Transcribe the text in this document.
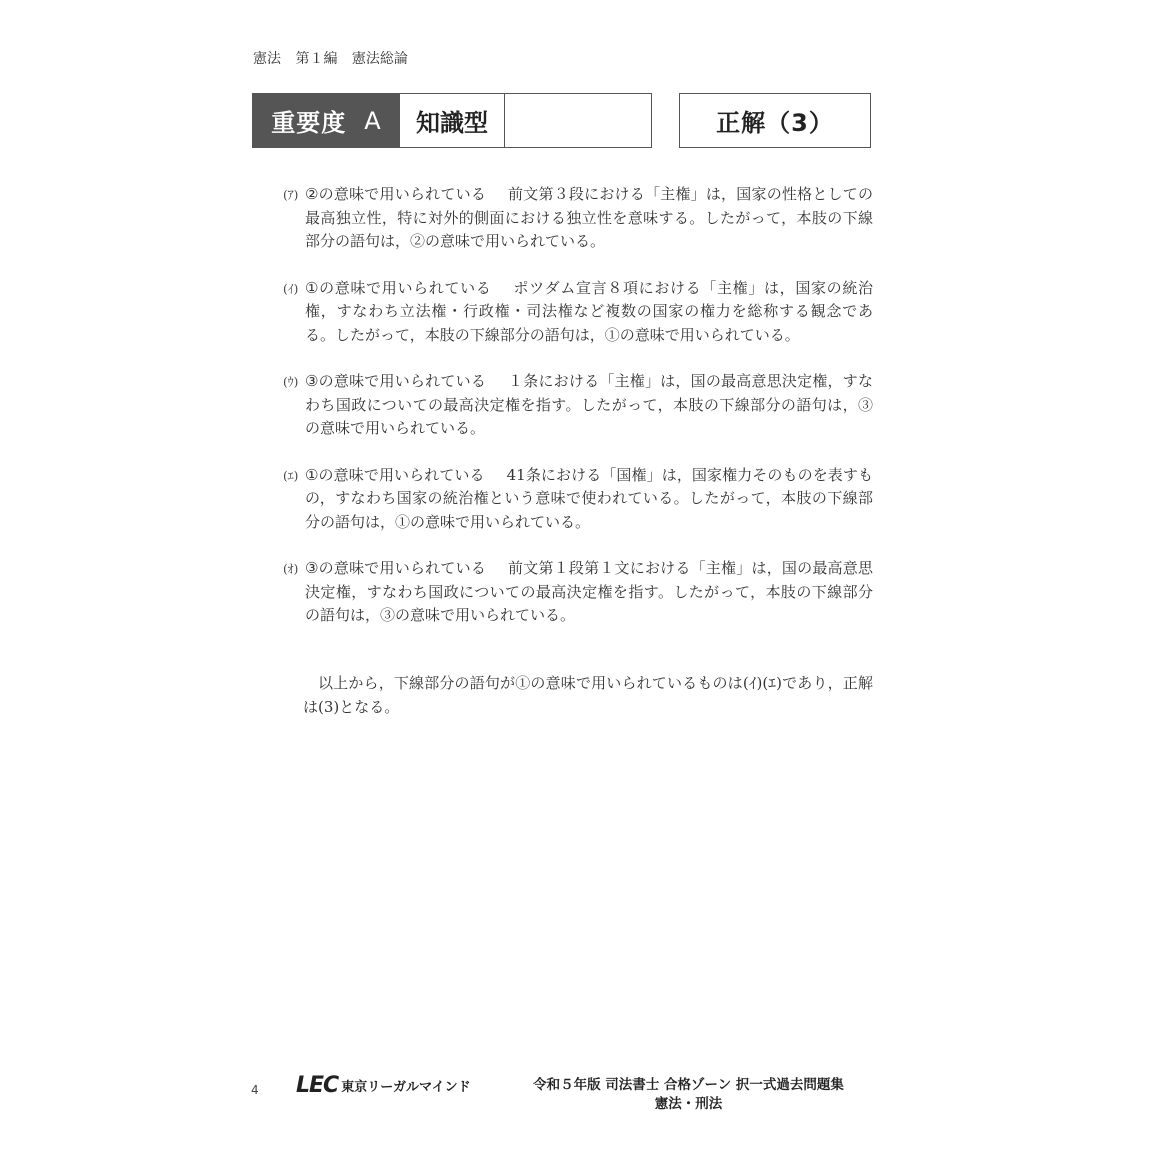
憲法 第１編 憲法総論
重要度 A	知識型	正解（3）
(ｱ) ②の意味で用いられている 前文第３段における「主権」は，国家の性格としての最高独立性，特に対外的側面における独立性を意味する。したがって，本肢の下線部分の語句は，②の意味で用いられている。
(ｲ) ①の意味で用いられている ポツダム宣言８項における「主権」は，国家の統治権，すなわち立法権・行政権・司法権など複数の国家の権力を総称する観念である。したがって，本肢の下線部分の語句は，①の意味で用いられている。
(ｳ) ③の意味で用いられている １条における「主権」は，国の最高意思決定権，すなわち国政についての最高決定権を指す。したがって，本肢の下線部分の語句は，③の意味で用いられている。
(ｴ) ①の意味で用いられている 41条における「国権」は，国家権力そのものを表すもの，すなわち国家の統治権という意味で使われている。したがって，本肢の下線部分の語句は，①の意味で用いられている。
(ｵ) ③の意味で用いられている 前文第１段第１文における「主権」は，国の最高意思決定権，すなわち国政についての最高決定権を指す。したがって，本肢の下線部分の語句は，③の意味で用いられている。
以上から，下線部分の語句が①の意味で用いられているものは(ｲ)(ｴ)であり，正解は(3)となる。
4 LEC 東京リーガルマインド	令和５年版 司法書士 合格ゾーン 択一式過去問題集
憲法・刑法
